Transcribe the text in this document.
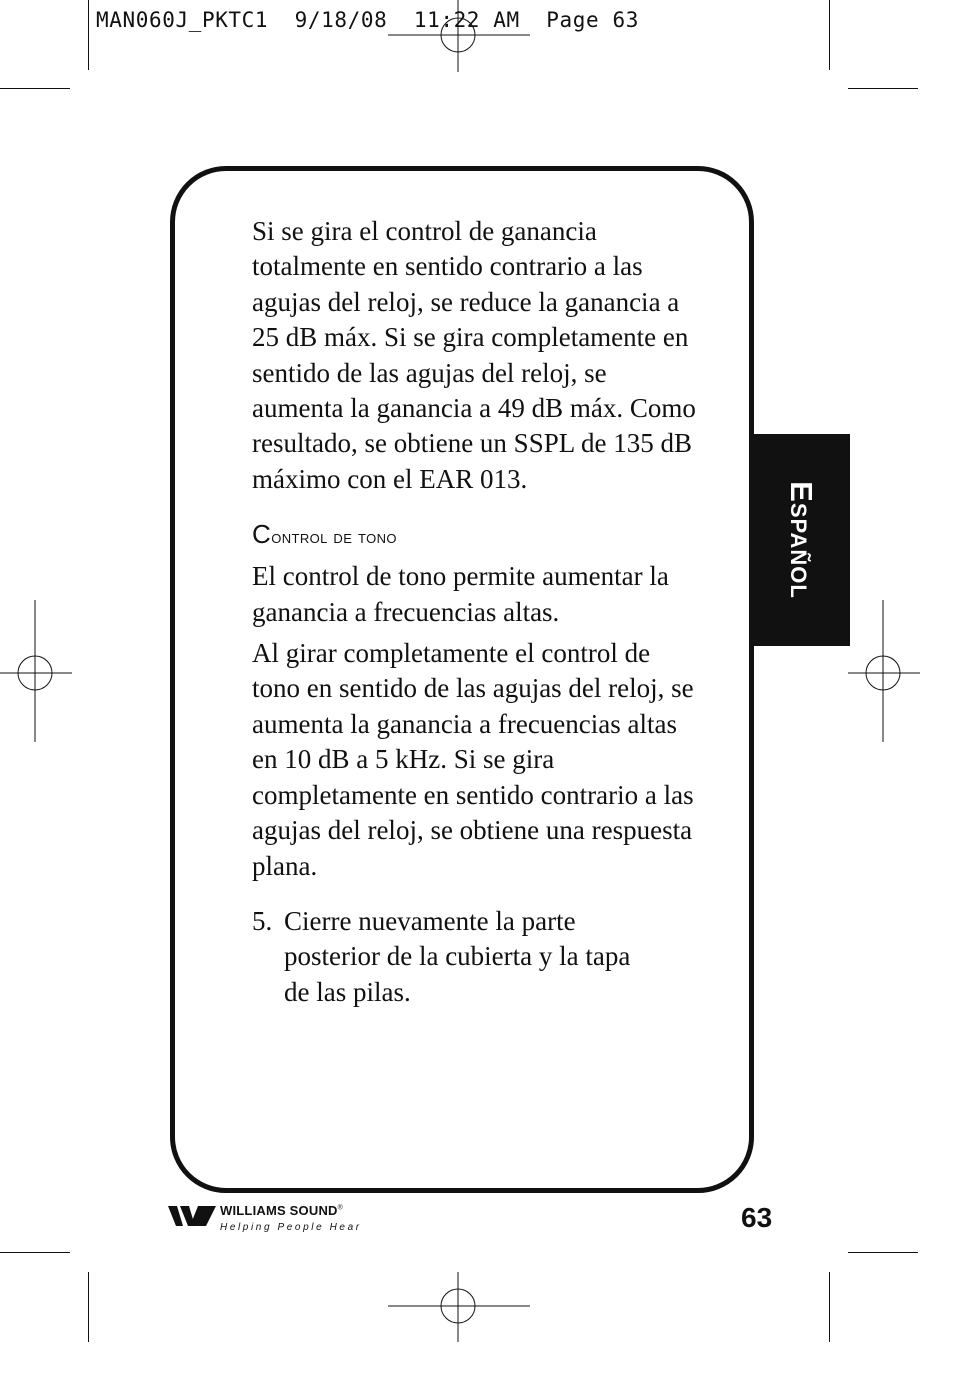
MAN060J_PKTC1  9/18/08  11:22 AM  Page 63

Si se gira el control de ganancia totalmente en sentido contrario a las agujas del reloj, se reduce la ganancia a 25 dB máx. Si se gira completamente en sentido de las agujas del reloj, se aumenta la ganancia a 49 dB máx. Como resultado, se obtiene un SSPL de 135 dB máximo con el EAR 013.

Control de tono

El control de tono permite aumentar la ganancia a frecuencias altas.

Al girar completamente el control de tono en sentido de las agujas del reloj, se aumenta la ganancia a frecuencias altas en 10 dB a 5 kHz. Si se gira completamente en sentido contrario a las agujas del reloj, se obtiene una respuesta plana.

5. Cierre nuevamente la parte posterior de la cubierta y la tapa de las pilas.
Español
WILLIAMS SOUND®
Helping People Hear	63
